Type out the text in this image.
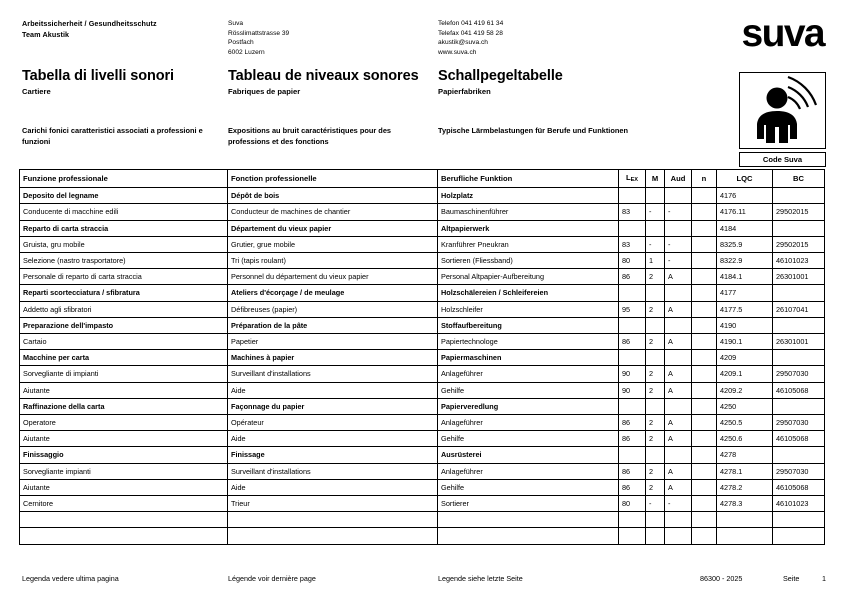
Arbeitssicherheit / Gesundheitsschutz
Team Akustik
Suva
Rösslimattstrasse 39
Postfach
6002 Luzern
Telefon 041 419 61 34
Telefax 041 419 58 28
akustik@suva.ch
www.suva.ch	suva
Tabella di livelli sonori
Cartiere
Tableau de niveaux sonores
Fabriques de papier
Schallpegeltabelle
Papierfabriken
Carichi fonici caratteristici associati a professioni e funzioni
Expositions au bruit caractéristiques pour des professions et des fonctions
Typische Lärmbelastungen für Berufe und Funktionen
Code Suva
Funzione professionale	Fonction professionelle	Berufliche Funktion	LEX	M	Aud	n	LQC	BC
Deposito del legname	Dépôt de bois	Holzplatz					4176	
Conducente di macchine edili	Conducteur de machines de chantier	Baumaschinenführer	83	-	-		4176.11	29502015
Reparto di carta straccia	Département du vieux papier	Altpapierwerk					4184	
Gruista, gru mobile	Grutier, grue mobile	Kranführer Pneukran	83	-	-		8325.9	29502015
Selezione (nastro trasportatore)	Tri (tapis roulant)	Sortieren (Fliessband)	80	1	-		8322.9	46101023
Personale di reparto di carta straccia	Personnel du département du vieux papier	Personal Altpapier-Aufbereitung	86	2	A		4184.1	26301001
Reparti scortecciatura / sfibratura	Ateliers d'écorçage / de meulage	Holzschälereien / Schleifereien					4177	
Addetto agli sfibratori	Défibreuses (papier)	Holzschleifer	95	2	A		4177.5	26107041
Preparazione dell'impasto	Préparation de la pâte	Stoffaufbereitung					4190	
Cartaio	Papetier	Papiertechnologe	86	2	A		4190.1	26301001
Macchine per carta	Machines à papier	Papiermaschinen					4209	
Sorvegliante di impianti	Surveillant d'installations	Anlageführer	90	2	A		4209.1	29507030
Aiutante	Aide	Gehilfe	90	2	A		4209.2	46105068
Raffinazione della carta	Façonnage du papier	Papierveredlung					4250	
Operatore	Opérateur	Anlageführer	86	2	A		4250.5	29507030
Aiutante	Aide	Gehilfe	86	2	A		4250.6	46105068
Finissaggio	Finissage	Ausrüsterei					4278	
Sorvegliante impianti	Surveillant d'installations	Anlageführer	86	2	A		4278.1	29507030
Aiutante	Aide	Gehilfe	86	2	A		4278.2	46105068
Cernitore	Trieur	Sortierer	80	-	-		4278.3	46101023

Legenda vedere ultima pagina	Légende voir dernière page	Legende siehe letzte Seite	86300 - 2025	Seite	1
